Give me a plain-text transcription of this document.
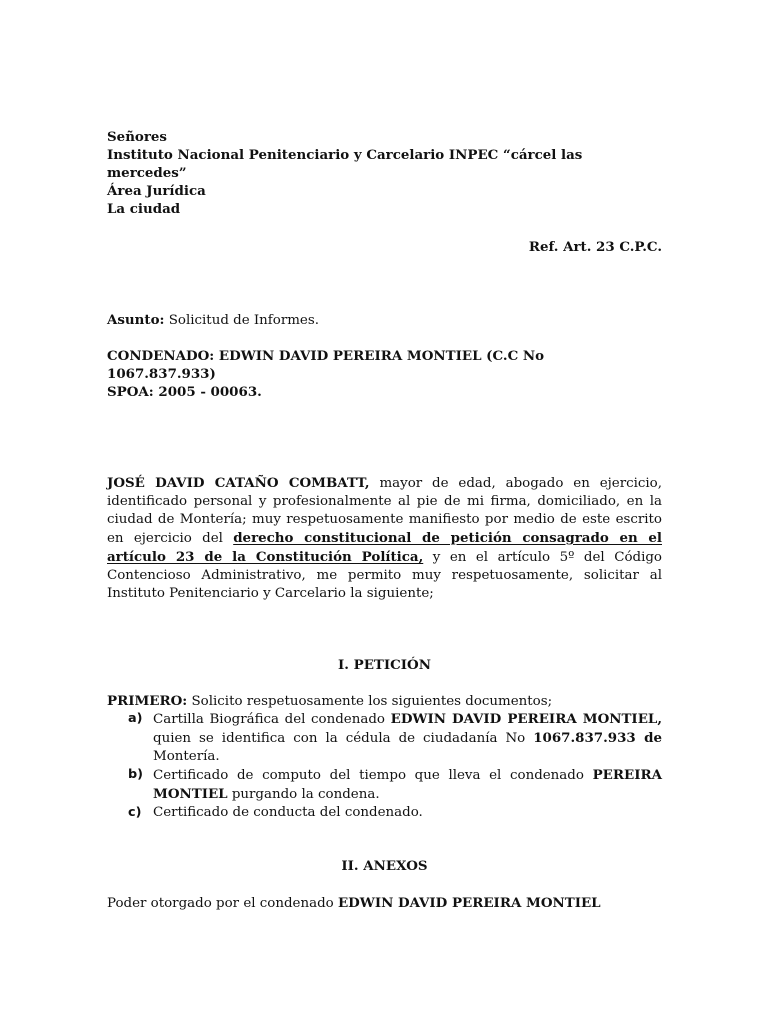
Señores
Instituto Nacional Penitenciario y Carcelario INPEC “cárcel las mercedes”
Área Jurídica
La ciudad
Ref. Art. 23 C.P.C.
Asunto: Solicitud de Informes.
CONDENADO: EDWIN DAVID PEREIRA MONTIEL (C.C No 1067.837.933)
SPOA: 2005 - 00063.
JOSÉ DAVID CATAÑO COMBATT, mayor de edad, abogado en ejercicio, identificado personal y profesionalmente al pie de mi firma, domiciliado, en la ciudad de Montería; muy respetuosamente manifiesto por medio de este escrito en ejercicio del derecho constitucional de petición consagrado en el artículo 23 de la Constitución Política, y en el artículo 5º del Código Contencioso Administrativo, me permito muy respetuosamente, solicitar al Instituto Penitenciario y Carcelario la siguiente;
I. PETICIÓN
PRIMERO: Solicito respetuosamente los siguientes documentos;
a) Cartilla Biográfica del condenado EDWIN DAVID PEREIRA MONTIEL, quien se identifica con la cédula de ciudadanía No 1067.837.933 de Montería.
b) Certificado de computo del tiempo que lleva el condenado PEREIRA MONTIEL purgando la condena.
c) Certificado de conducta del condenado.
II. ANEXOS
Poder otorgado por el condenado EDWIN DAVID PEREIRA MONTIEL
